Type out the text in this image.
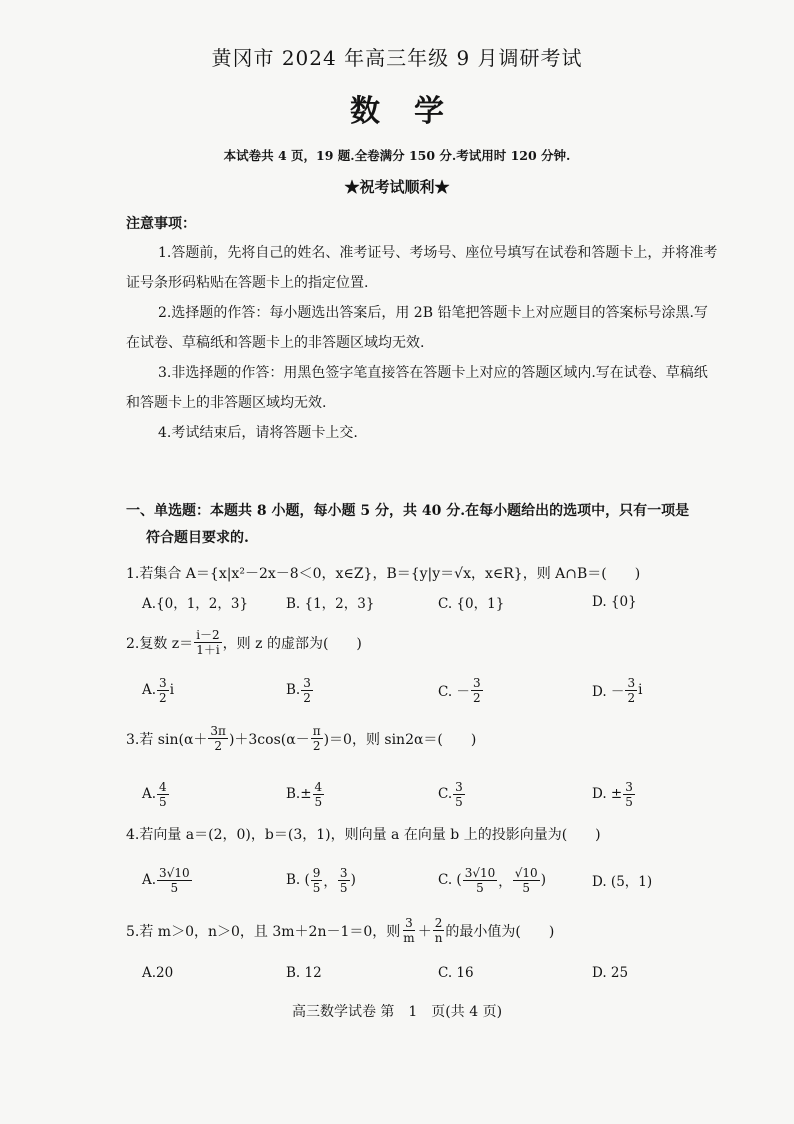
黄冈市 2024 年高三年级 9 月调研考试
数学
本试卷共 4 页，19 题.全卷满分 150 分.考试用时 120 分钟.
★祝考试顺利★
注意事项：

1.答题前，先将自己的姓名、准考证号、考场号、座位号填写在试卷和答题卡上，并将准考证号条形码粘贴在答题卡上的指定位置.

2.选择题的作答：每小题选出答案后，用 2B 铅笔把答题卡上对应题目的答案标号涂黑.写在试卷、草稿纸和答题卡上的非答题区域均无效.

3.非选择题的作答：用黑色签字笔直接答在答题卡上对应的答题区域内.写在试卷、草稿纸和答题卡上的非答题区域均无效.

4.考试结束后，请将答题卡上交.

一、单选题：本题共 8 小题，每小题 5 分，共 40 分.在每小题给出的选项中，只有一项是
符合题目要求的.
1.若集合 A＝{x|x²－2x－8＜0，x∈Z}，B＝{y|y＝√x，x∈R}，则 A∩B＝(　　)
A.{0，1，2，3}	B. {1，2，3}	C. {0，1}	D. {0}
2.复数 $z= \frac{i-2}{1+i}$ ，则 z 的虚部为(　　)
A. $\frac{3}{2}$ i	B. $\frac{3}{2}$	C. － $\frac{3}{2}$	D. － $\frac{3}{2}$ i
3.若 $\sin(\alpha+ \frac{3\pi}{2} )+3\cos(\alpha- \frac{\pi}{2} )=0$，则 sin2α＝(　　)
A. $\frac{4}{5}$	$B.\pm \frac{4}{5}$	C. $\frac{3}{5}$	D. ± $\frac{3}{5}$
4.若向量 a＝(2，0)，b＝(3，1)，则向量 a 在向量 b 上的投影向量为(　　)
A. $\frac{3√10}{5}$	B. ( $\frac{9}{5}$ ， $\frac{3}{5}$ )	C. ( $\frac{3√10}{5}$ ， $\frac{√10}{5}$ )	D. (5，1)
5.若 m＞0，n＞0，且 3m＋2n－1＝0，则 $\frac{3}{m} + \frac{2}{n}$ 的最小值为(　　)
A.20	B. 12	C. 16	D. 25
高三数学试卷 第　1　页(共 4 页)
